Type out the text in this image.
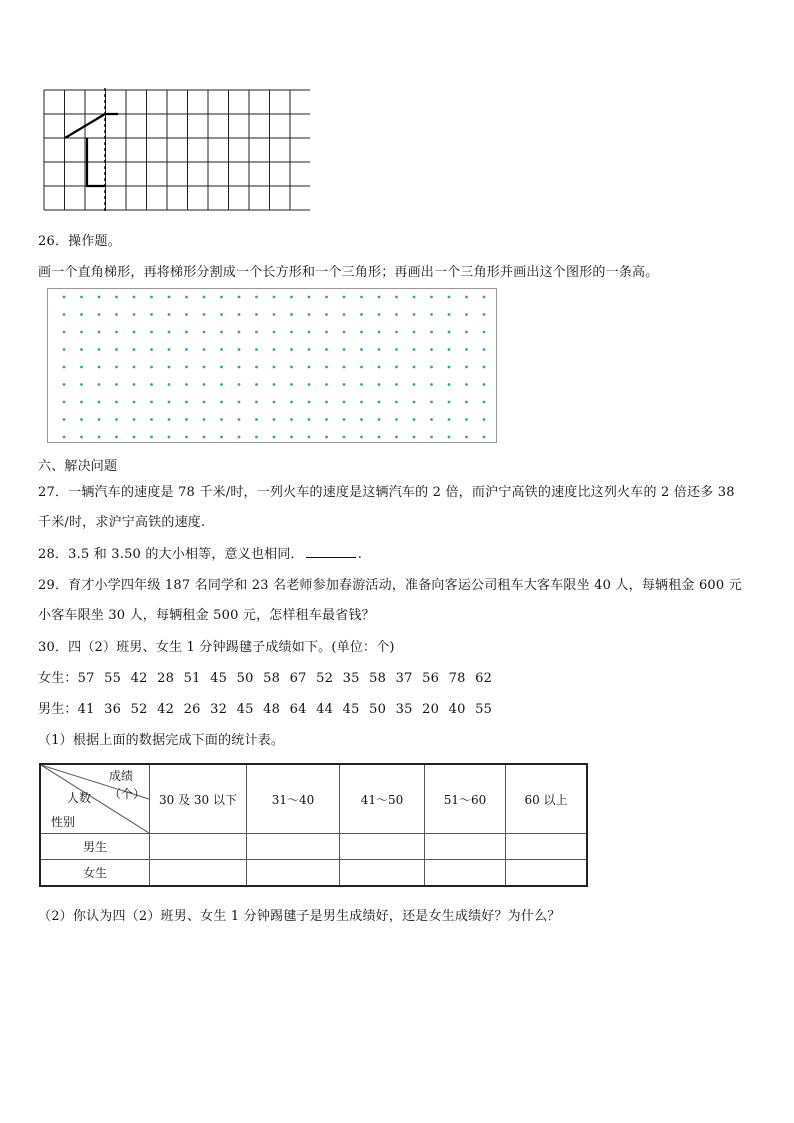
26．操作题。
画一个直角梯形，再将梯形分割成一个长方形和一个三角形；再画出一个三角形并画出这个图形的一条高。
六、解决问题
27．一辆汽车的速度是 78 千米/时，一列火车的速度是这辆汽车的 2 倍，而沪宁高铁的速度比这列火车的 2 倍还多 38
千米/时，求沪宁高铁的速度.
28．3.5 和 3.50 的大小相等，意义也相同．	.
29．育才小学四年级 187 名同学和 23 名老师参加春游活动，准备向客运公司租车大客车限坐 40 人，每辆租金 600 元
小客车限坐 30 人，每辆租金 500 元，怎样租车最省钱？
30．四（2）班男、女生 1 分钟踢毽子成绩如下。(单位：个)
女生：57 55 42 28 51 45 50 58 67 52 35 58 37 56 78 62
男生：41 36 52 42 26 32 45 48 64 44 45 50 35 20 40 55
（1）根据上面的数据完成下面的统计表。
成绩
（个）
人数
性别	30 及 30 以下	31～40	41～50	51～60	60 以上
男生					
女生					
（2）你认为四（2）班男、女生 1 分钟踢毽子是男生成绩好，还是女生成绩好？为什么？
